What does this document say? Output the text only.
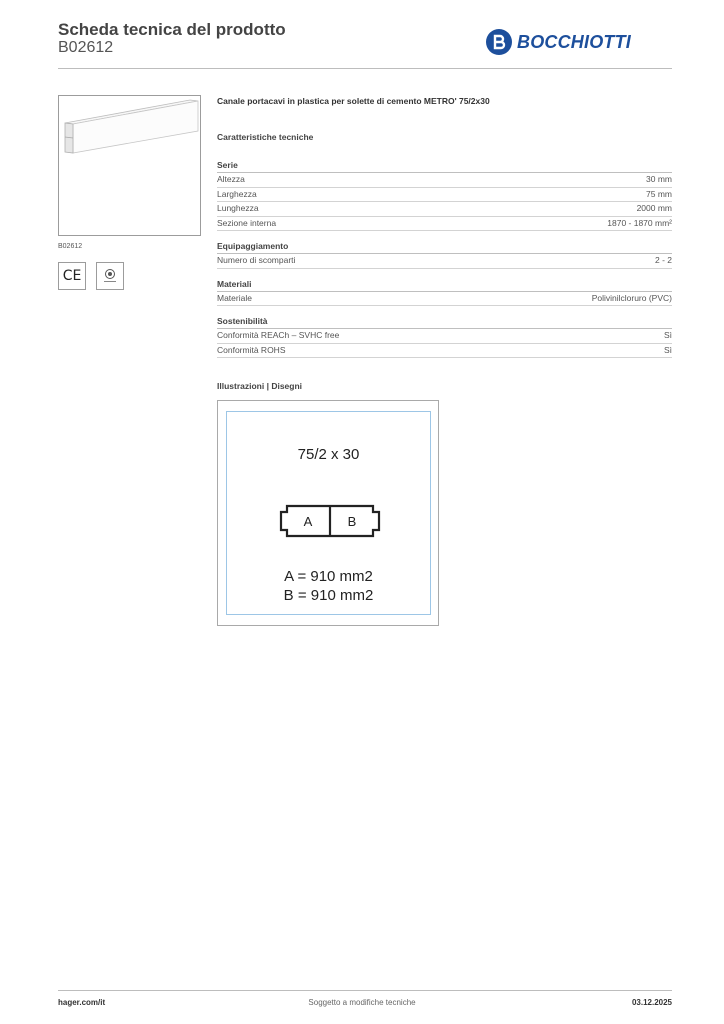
Scheda tecnica del prodotto
B02612	BOCCHIOTTI
B02612
CE

Canale portacavi in plastica per solette di cemento METRO' 75/2x30

Caratteristiche tecniche
Serie
Altezza	30 mm
Larghezza	75 mm
Lunghezza	2000 mm
Sezione interna	1870 - 1870 mm²
Equipaggiamento
Numero di scomparti	2 - 2
Materiali
Materiale	Polivinilcloruro (PVC)
Sostenibilità
Conformità REACh – SVHC free	Sì
Conformità ROHS	Sì
Illustrazioni | Disegni
75/2 x 30
A	B
A = 910 mm2
B = 910 mm2
hager.com/it	Soggetto a modifiche tecniche	03.12.2025
